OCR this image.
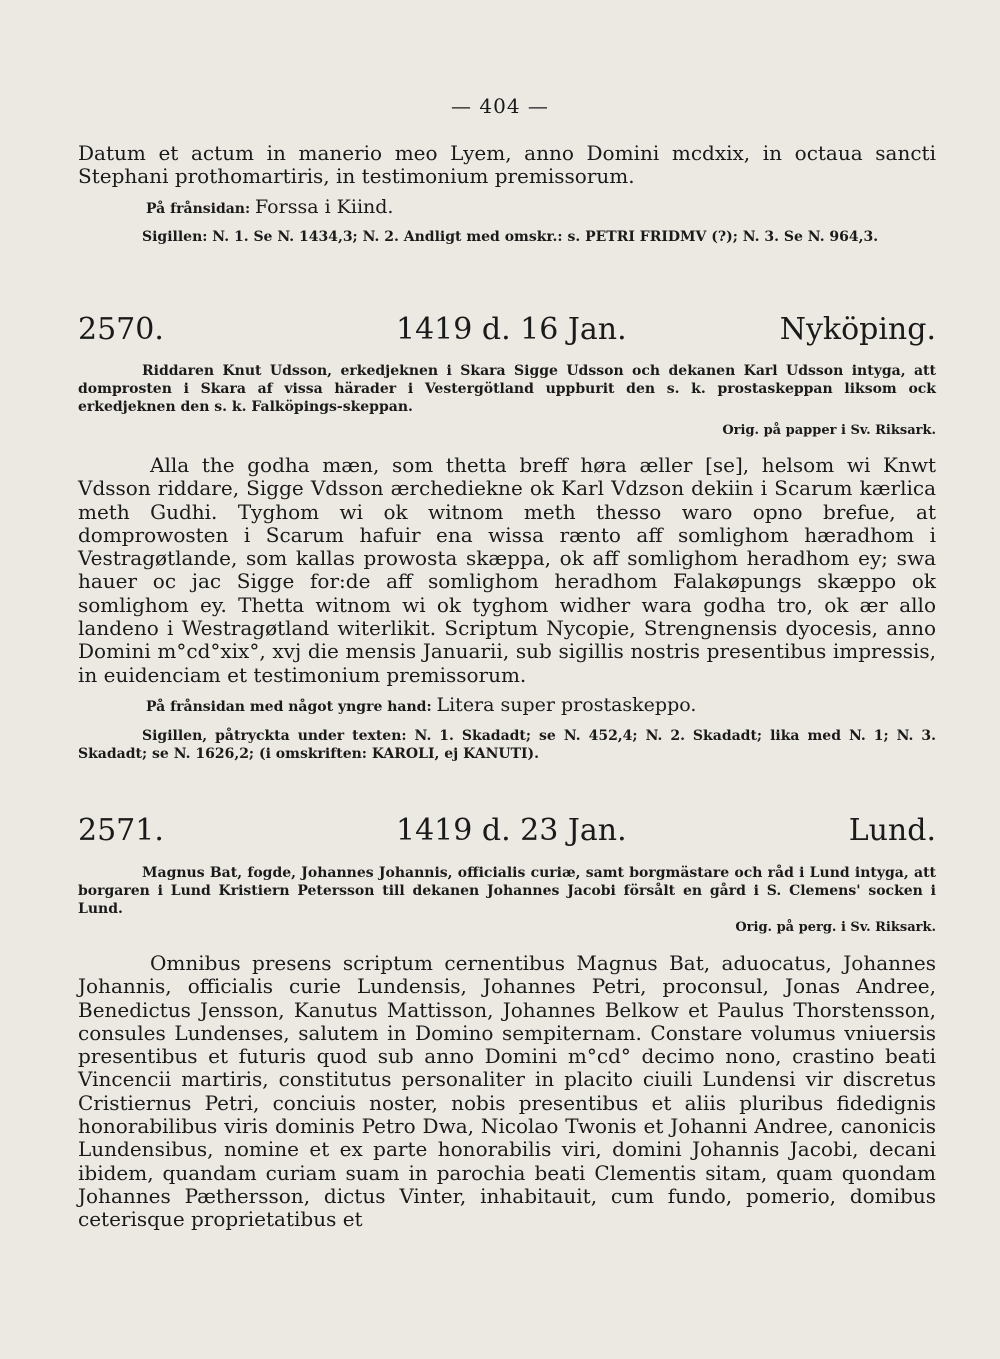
— 404 —
Datum et actum in manerio meo Lyem, anno Domini mcdxix, in octaua sancti Stephani prothomartiris, in testimonium premissorum.
På frånsidan: Forssa i Kiind.
Sigillen: N. 1. Se N. 1434,3; N. 2. Andligt med omskr.: s. PETRI FRIDMV (?); N. 3. Se N. 964,3.
2570.	1419 d. 16 Jan.	Nyköping.
Riddaren Knut Udsson, erkedjeknen i Skara Sigge Udsson och dekanen Karl Udsson intyga, att domprosten i Skara af vissa härader i Vestergötland uppburit den s. k. prostaskeppan liksom ock erkedjeknen den s. k. Falköpings-skeppan.
Orig. på papper i Sv. Riksark.
Alla the godha mæn, som thetta breff høra æller [se], helsom wi Knwt Vdsson riddare, Sigge Vdsson ærchediekne ok Karl Vdzson dekiin i Scarum kærlica meth Gudhi. Tyghom wi ok witnom meth thesso waro opno brefue, at domprowosten i Scarum hafuir ena wissa rænto aff somlighom hæradhom i Vestragøtlande, som kallas prowosta skæppa, ok aff somlighom heradhom ey; swa hauer oc jac Sigge for:de aff somlighom heradhom Falakøpungs skæppo ok somlighom ey. Thetta witnom wi ok tyghom widher wara godha tro, ok ær allo landeno i Westragøtland witerlikit. Scriptum Nycopie, Strengnensis dyocesis, anno Domini m°cd°xix°, xvj die mensis Januarii, sub sigillis nostris presentibus impressis, in euidenciam et testimonium premissorum.
På frånsidan med något yngre hand: Litera super prostaskeppo.
Sigillen, påtryckta under texten: N. 1. Skadadt; se N. 452,4; N. 2. Skadadt; lika med N. 1; N. 3. Skadadt; se N. 1626,2; (i omskriften: KAROLI, ej KANUTI).
2571.	1419 d. 23 Jan.	Lund.
Magnus Bat, fogde, Johannes Johannis, officialis curiæ, samt borgmästare och råd i Lund intyga, att borgaren i Lund Kristiern Petersson till dekanen Johannes Jacobi försålt en gård i S. Clemens' socken i Lund.
Orig. på perg. i Sv. Riksark.
Omnibus presens scriptum cernentibus Magnus Bat, aduocatus, Johannes Johannis, officialis curie Lundensis, Johannes Petri, proconsul, Jonas Andree, Benedictus Jensson, Kanutus Mattisson, Johannes Belkow et Paulus Thorstensson, consules Lundenses, salutem in Domino sempiternam. Constare volumus vniuersis presentibus et futuris quod sub anno Domini m°cd° decimo nono, crastino beati Vincencii martiris, constitutus personaliter in placito ciuili Lundensi vir discretus Cristiernus Petri, conciuis noster, nobis presentibus et aliis pluribus fidedignis honorabilibus viris dominis Petro Dwa, Nicolao Twonis et Johanni Andree, canonicis Lundensibus, nomine et ex parte honorabilis viri, domini Johannis Jacobi, decani ibidem, quandam curiam suam in parochia beati Clementis sitam, quam quondam Johannes Pæthersson, dictus Vinter, inhabitauit, cum fundo, pomerio, domibus ceterisque proprietatibus et
